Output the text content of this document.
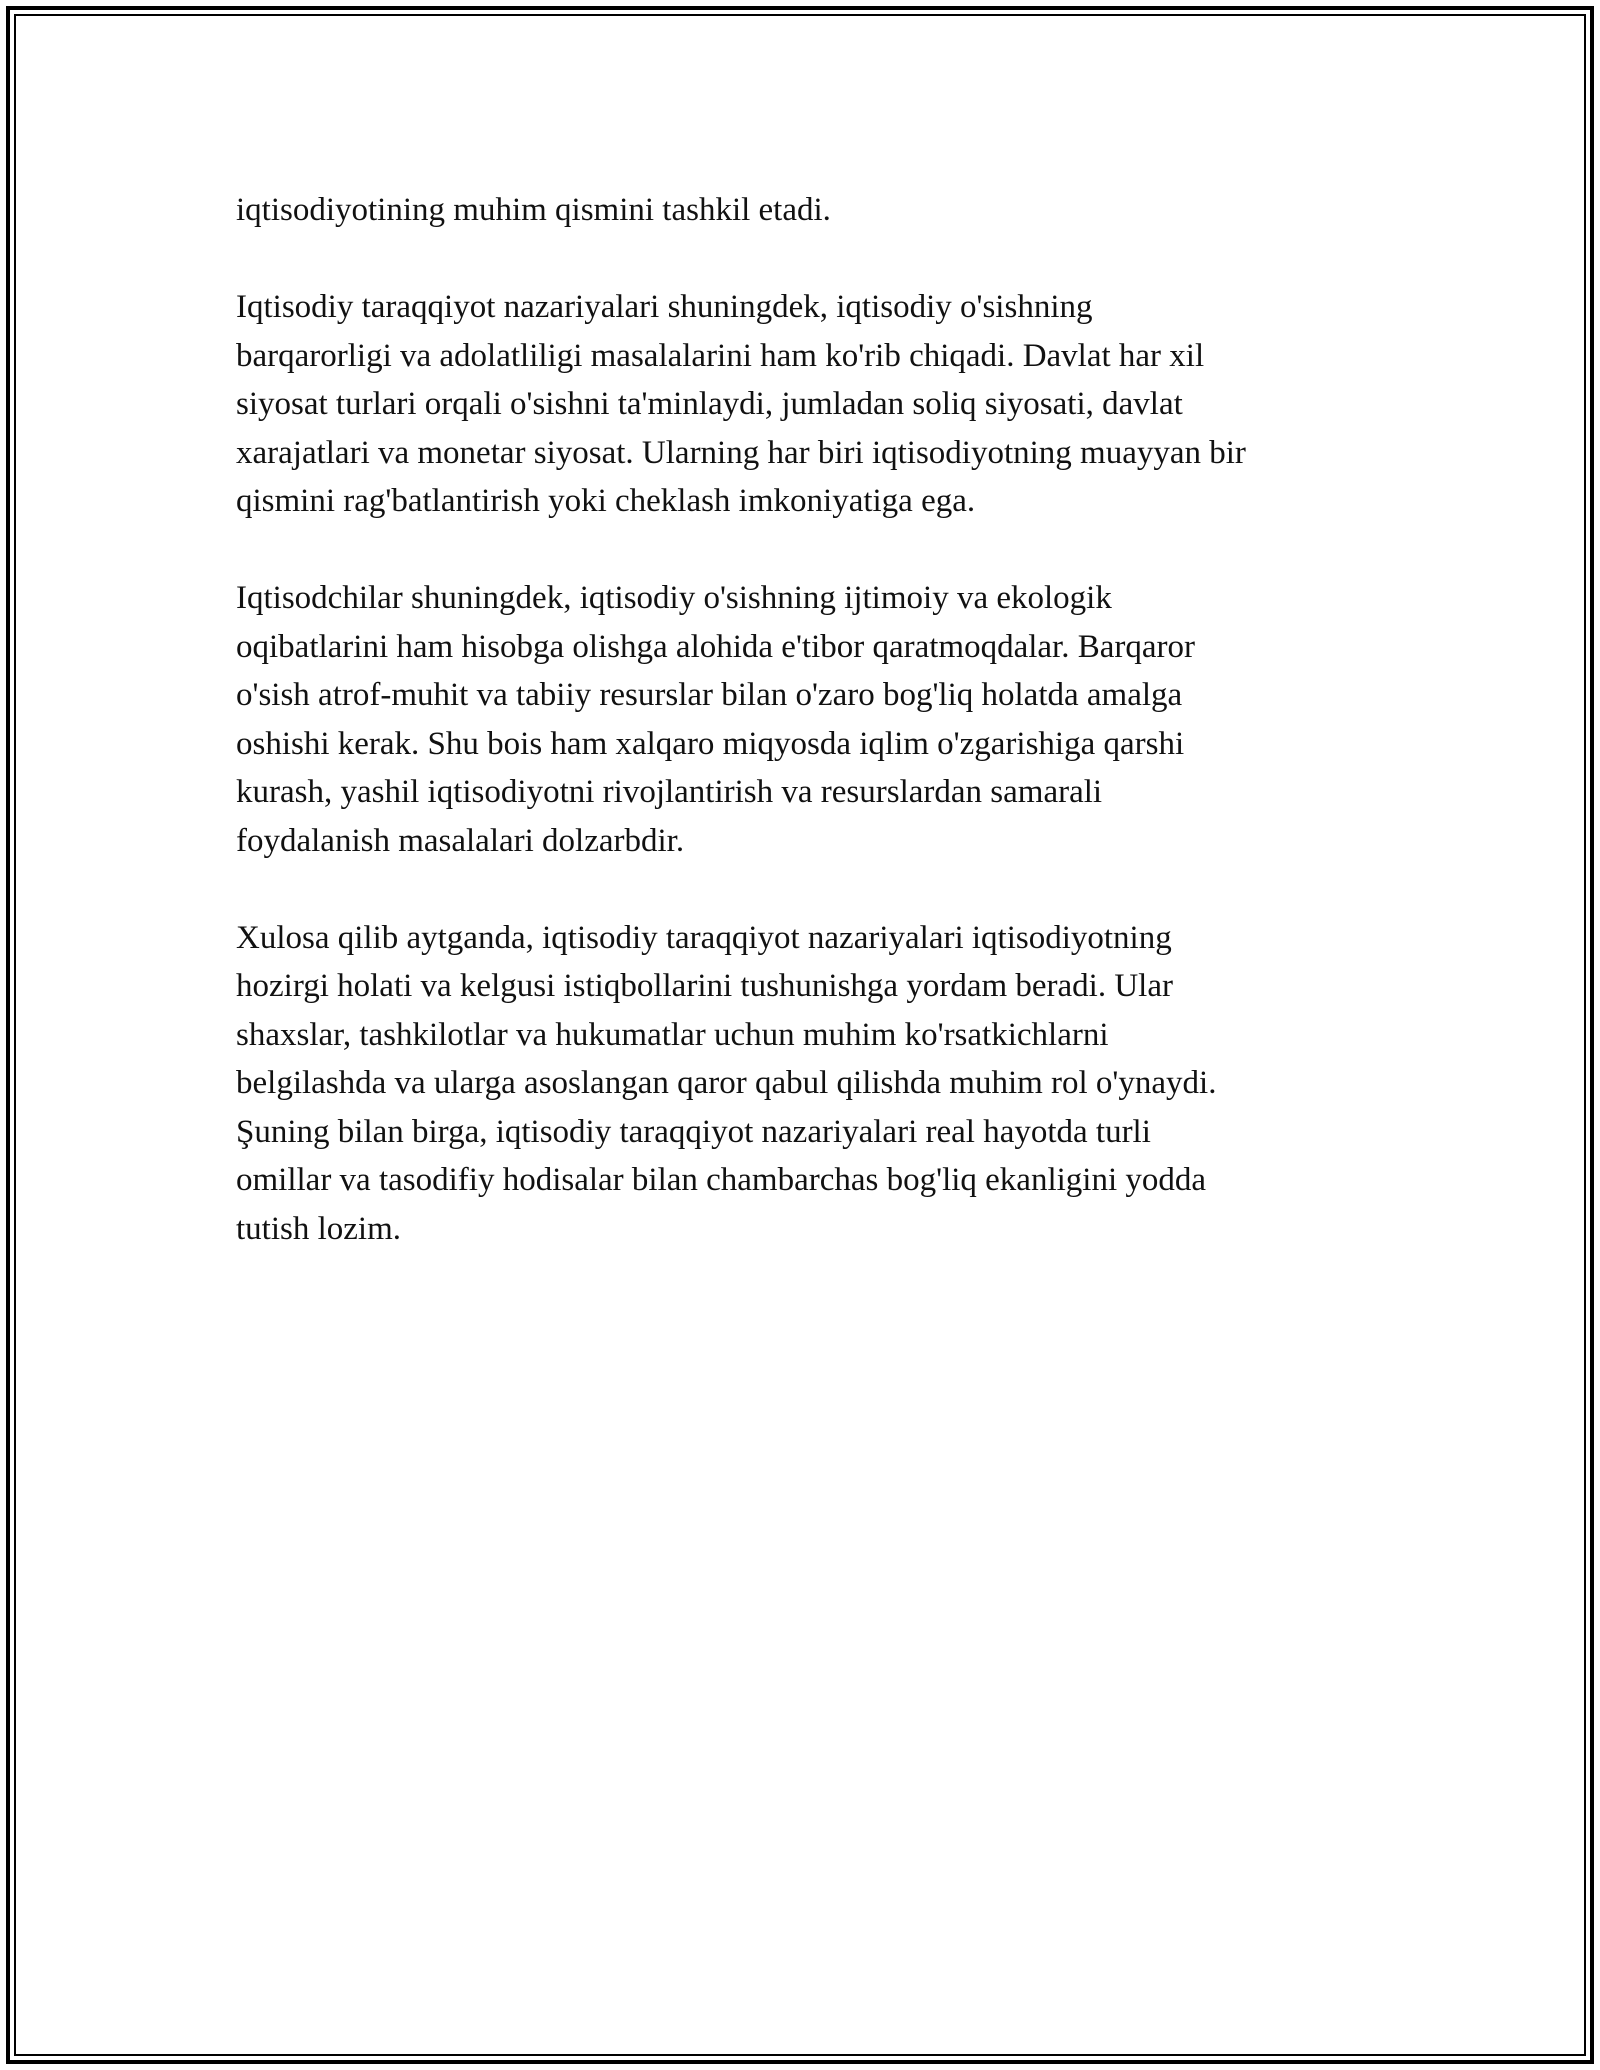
iqtisodiyotining muhim qismini tashkil etadi.

Iqtisodiy taraqqiyot nazariyalari shuningdek, iqtisodiy o'sishning
barqarorligi va adolatliligi masalalarini ham ko'rib chiqadi. Davlat har xil
siyosat turlari orqali o'sishni ta'minlaydi, jumladan soliq siyosati, davlat
xarajatlari va monetar siyosat. Ularning har biri iqtisodiyotning muayyan bir
qismini rag'batlantirish yoki cheklash imkoniyatiga ega.

Iqtisodchilar shuningdek, iqtisodiy o'sishning ijtimoiy va ekologik
oqibatlarini ham hisobga olishga alohida e'tibor qaratmoqdalar. Barqaror
o'sish atrof-muhit va tabiiy resurslar bilan o'zaro bog'liq holatda amalga
oshishi kerak. Shu bois ham xalqaro miqyosda iqlim o'zgarishiga qarshi
kurash, yashil iqtisodiyotni rivojlantirish va resurslardan samarali
foydalanish masalalari dolzarbdir.

Xulosa qilib aytganda, iqtisodiy taraqqiyot nazariyalari iqtisodiyotning
hozirgi holati va kelgusi istiqbollarini tushunishga yordam beradi. Ular
shaxslar, tashkilotlar va hukumatlar uchun muhim ko'rsatkichlarni
belgilashda va ularga asoslangan qaror qabul qilishda muhim rol o'ynaydi.
Şuning bilan birga, iqtisodiy taraqqiyot nazariyalari real hayotda turli
omillar va tasodifiy hodisalar bilan chambarchas bog'liq ekanligini yodda
tutish lozim.
